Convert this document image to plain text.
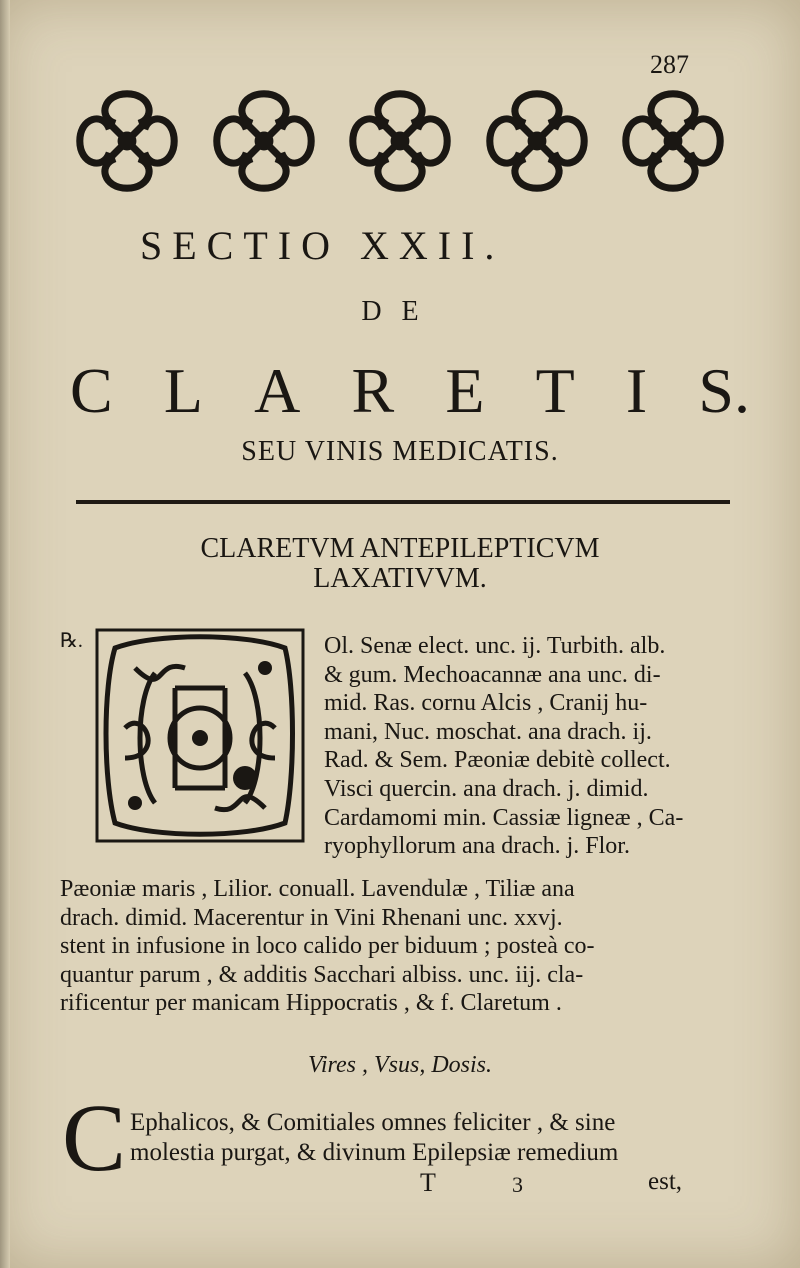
287
SECTIO XXII.
DE
C L A R E T I S.
SEU VINIS MEDICATIS.
CLARETVM ANTEPILEPTICVM
LAXATIVVM.
℞.	Ol. Senæ elect. unc. ij. Turbith. alb.
& gum. Mechoacannæ ana unc. di-
mid. Ras. cornu Alcis , Cranij hu-
mani, Nuc. moschat. ana drach. ij.
Rad. & Sem. Pæoniæ debitè collect.
Visci quercin. ana drach. j. dimid.
Cardamomi min. Cassiæ ligneæ , Ca-
ryophyllorum ana drach. j. Flor.
Pæoniæ maris , Lilior. conuall. Lavendulæ , Tiliæ ana
drach. dimid. Macerentur in Vini Rhenani unc. xxvj.
stent in infusione in loco calido per biduum ; posteà co-
quantur parum , & additis Sacchari albiss. unc. iij. cla-
rificentur per manicam Hippocratis , & f. Claretum .
Vires , Vsus, Dosis.
C Ephalicos, & Comitiales omnes feliciter , & sine
molestia purgat, & divinum Epilepsiæ remedium
T	3	est,
